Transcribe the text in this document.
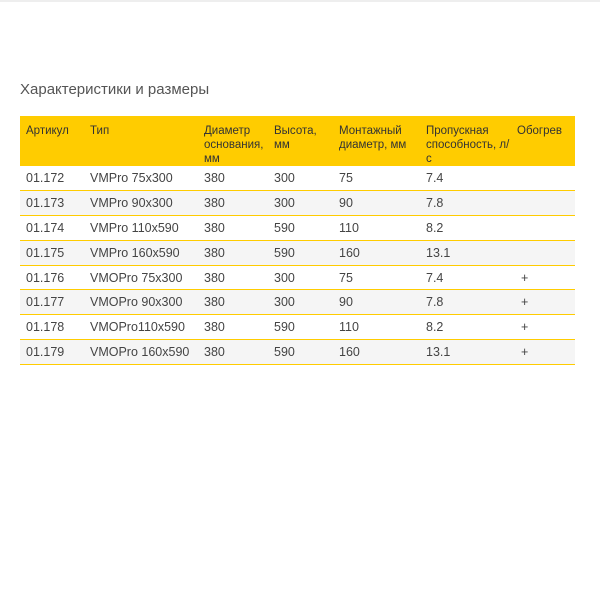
Характеристики и размеры
Артикул	Тип	Диаметр основания, мм	Высота, мм	Монтажный диаметр, мм	Пропускная способность, л/с	Обогрев
01.172	VMPro 75x300	380	300	75	7.4	
01.173	VMPro 90x300	380	300	90	7.8	
01.174	VMPro 110x590	380	590	110	8.2	
01.175	VMPro 160x590	380	590	160	13.1	
01.176	VMOPro 75x300	380	300	75	7.4	+
01.177	VMOPro 90x300	380	300	90	7.8	+
01.178	VMOPro110x590	380	590	110	8.2	+
01.179	VMOPro 160x590	380	590	160	13.1	+
